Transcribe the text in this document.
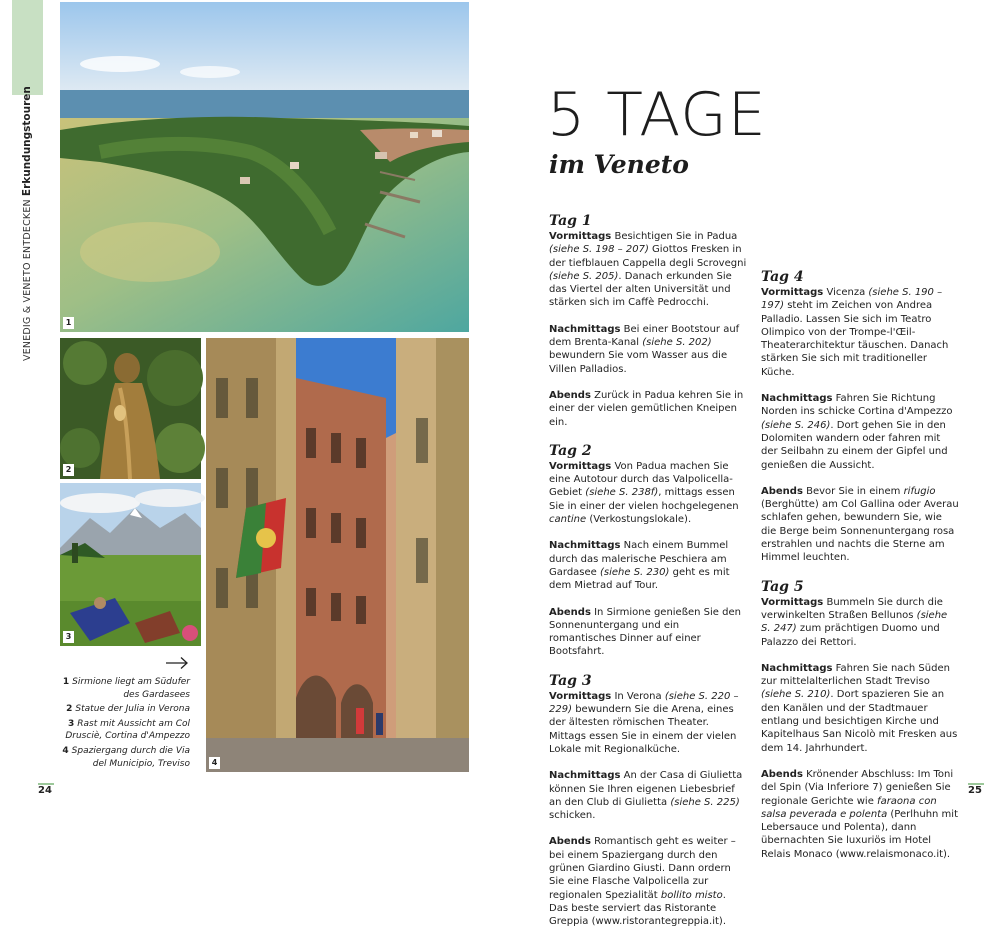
VENEDIG & VENETO ENTDECKEN Erkundungstouren
1
2
3
4
1 Sirmione liegt am Südufer des Gardasees
2 Statue der Julia in Verona
3 Rast mit Aussicht am Col Drusciè, Cortina d'Ampezzo
4 Spaziergang durch die Via del Municipio, Treviso
24
5 TAGE
im Veneto
Tag 1

Vormittags Besichtigen Sie in Padua (siehe S. 198 – 207) Giottos Fresken in der tiefblauen Cappella degli Scrovegni (siehe S. 205). Danach erkunden Sie das Viertel der alten Universität und stärken sich im Caffè Pedrocchi.

Nachmittags Bei einer Bootstour auf dem Brenta-Kanal (siehe S. 202) bewundern Sie vom Wasser aus die Villen Palladios.

Abends Zurück in Padua kehren Sie in einer der vielen gemütlichen Kneipen ein.

Tag 2

Vormittags Von Padua machen Sie eine Autotour durch das Valpolicella-Gebiet (siehe S. 238f), mittags essen Sie in einer der vielen hochgelegenen cantine (Verkostungslokale).

Nachmittags Nach einem Bummel durch das malerische Peschiera am Gardasee (siehe S. 230) geht es mit dem Mietrad auf Tour.

Abends In Sirmione genießen Sie den Sonnenuntergang und ein romantisches Dinner auf einer Bootsfahrt.

Tag 3

Vormittags In Verona (siehe S. 220 – 229) bewundern Sie die Arena, eines der ältesten römischen Theater. Mittags essen Sie in einem der vielen Lokale mit Regionalküche.

Nachmittags An der Casa di Giulietta können Sie Ihren eigenen Liebesbrief an den Club di Giulietta (siehe S. 225) schicken.

Abends Romantisch geht es weiter – bei einem Spaziergang durch den grünen Giardino Giusti. Dann ordern Sie eine Flasche Valpolicella zur regionalen Spezialität bollito misto. Das beste serviert das Ristorante Greppia (www.ristorantegreppia.it).

Tag 4

Vormittags Vicenza (siehe S. 190 – 197) steht im Zeichen von Andrea Palladio. Lassen Sie sich im Teatro Olimpico von der Trompe-l'Œil-Theaterarchitektur täuschen. Danach stärken Sie sich mit traditioneller Küche.

Nachmittags Fahren Sie Richtung Norden ins schicke Cortina d'Ampezzo (siehe S. 246). Dort gehen Sie in den Dolomiten wandern oder fahren mit der Seilbahn zu einem der Gipfel und genießen die Aussicht.

Abends Bevor Sie in einem rifugio (Berghütte) am Col Gallina oder Averau schlafen gehen, bewundern Sie, wie die Berge beim Sonnenuntergang rosa erstrahlen und nachts die Sterne am Himmel leuchten.

Tag 5

Vormittags Bummeln Sie durch die verwinkelten Straßen Bellunos (siehe S. 247) zum prächtigen Duomo und Palazzo dei Rettori.

Nachmittags Fahren Sie nach Süden zur mittelalterlichen Stadt Treviso (siehe S. 210). Dort spazieren Sie an den Kanälen und der Stadtmauer entlang und besichtigen Kirche und Kapitelhaus San Nicolò mit Fresken aus dem 14. Jahrhundert.

Abends Krönender Abschluss: Im Toni del Spin (Via Inferiore 7) genießen Sie regionale Gerichte wie faraona con salsa peverada e polenta (Perlhuhn mit Lebersauce und Polenta), dann übernachten Sie luxuriös im Hotel Relais Monaco (www.relaismonaco.it).

25
